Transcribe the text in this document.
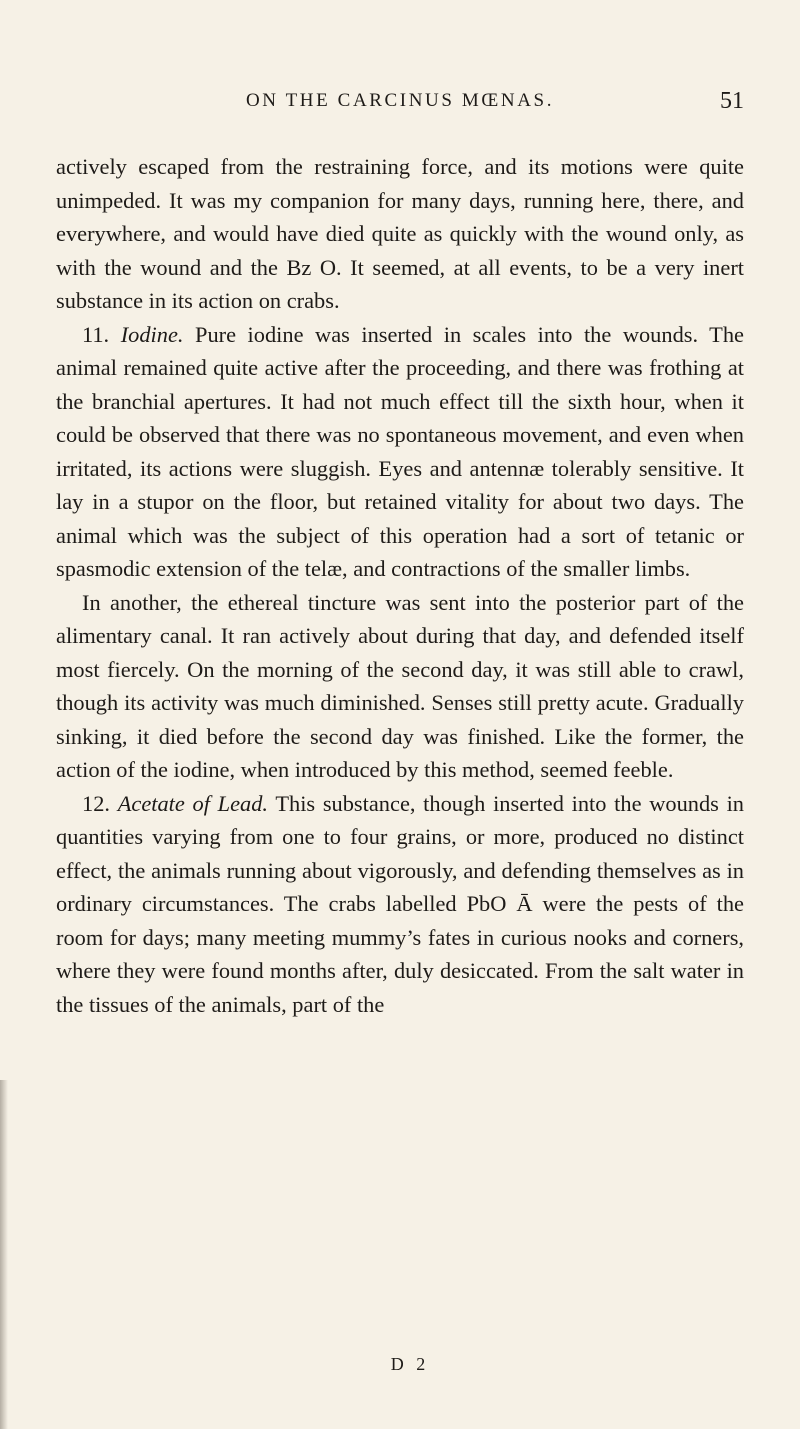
ON THE CARCINUS MŒNAS.	51

actively escaped from the restraining force, and its motions were quite unimpeded. It was my companion for many days, running here, there, and everywhere, and would have died quite as quickly with the wound only, as with the wound and the Bz O. It seemed, at all events, to be a very inert substance in its action on crabs.

11. Iodine. Pure iodine was inserted in scales into the wounds. The animal remained quite active after the proceeding, and there was frothing at the branchial apertures. It had not much effect till the sixth hour, when it could be observed that there was no spontaneous movement, and even when irritated, its actions were sluggish. Eyes and antennæ tolerably sensitive. It lay in a stupor on the floor, but retained vitality for about two days. The animal which was the subject of this operation had a sort of tetanic or spasmodic extension of the telæ, and contractions of the smaller limbs.

In another, the ethereal tincture was sent into the posterior part of the alimentary canal. It ran actively about during that day, and defended itself most fiercely. On the morning of the second day, it was still able to crawl, though its activity was much diminished. Senses still pretty acute. Gradually sinking, it died before the second day was finished. Like the former, the action of the iodine, when introduced by this method, seemed feeble.

12. Acetate of Lead. This substance, though inserted into the wounds in quantities varying from one to four grains, or more, produced no distinct effect, the animals running about vigorously, and defending themselves as in ordinary circumstances. The crabs labelled PbO Ā were the pests of the room for days; many meeting mummy’s fates in curious nooks and corners, where they were found months after, duly desiccated. From the salt water in the tissues of the animals, part of the

D 2
